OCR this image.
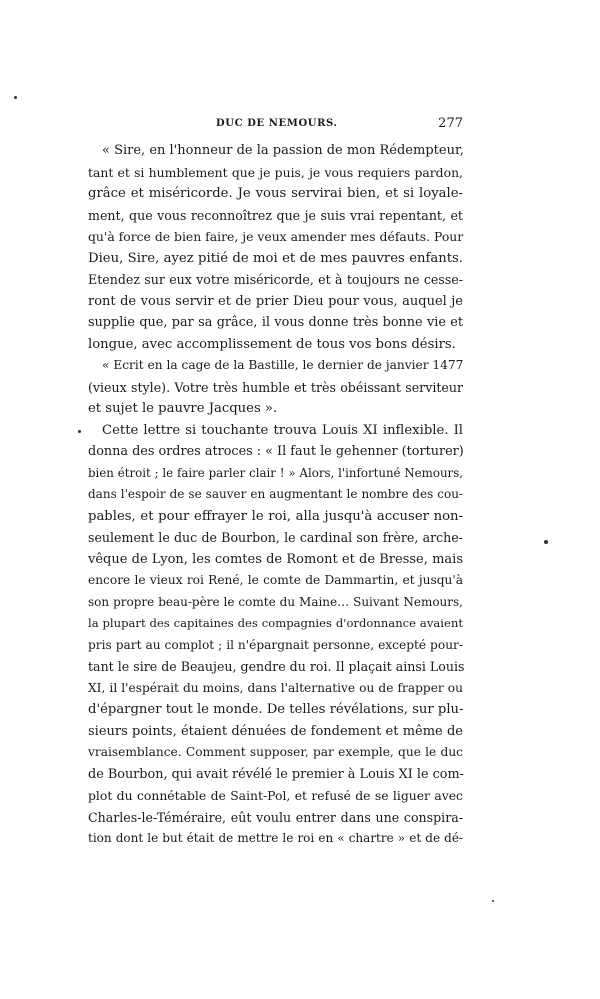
DUC DE NEMOURS.	277
« Sire, en l'honneur de la passion de mon Rédempteur,
tant et si humblement que je puis, je vous requiers pardon,
grâce et miséricorde. Je vous servirai bien, et si loyale-
ment, que vous reconnoîtrez que je suis vrai repentant, et
qu'à force de bien faire, je veux amender mes défauts. Pour
Dieu, Sire, ayez pitié de moi et de mes pauvres enfants.
Etendez sur eux votre miséricorde, et à toujours ne cesse-
ront de vous servir et de prier Dieu pour vous, auquel je
supplie que, par sa grâce, il vous donne très bonne vie et
longue, avec accomplissement de tous vos bons désirs.
« Ecrit en la cage de la Bastille, le dernier de janvier 1477
(vieux style). Votre très humble et très obéissant serviteur
et sujet le pauvre Jacques ».
Cette lettre si touchante trouva Louis XI inflexible. Il
donna des ordres atroces : « Il faut le gehenner (torturer)
bien étroit ; le faire parler clair ! » Alors, l'infortuné Nemours,
dans l'espoir de se sauver en augmentant le nombre des cou-
pables, et pour effrayer le roi, alla jusqu'à accuser non-
seulement le duc de Bourbon, le cardinal son frère, arche-
vêque de Lyon, les comtes de Romont et de Bresse, mais
encore le vieux roi René, le comte de Dammartin, et jusqu'à
son propre beau-père le comte du Maine… Suivant Nemours,
la plupart des capitaines des compagnies d'ordonnance avaient
pris part au complot ; il n'épargnait personne, excepté pour-
tant le sire de Beaujeu, gendre du roi. Il plaçait ainsi Louis
XI, il l'espérait du moins, dans l'alternative ou de frapper ou
d'épargner tout le monde. De telles révélations, sur plu-
sieurs points, étaient dénuées de fondement et même de
vraisemblance. Comment supposer, par exemple, que le duc
de Bourbon, qui avait révélé le premier à Louis XI le com-
plot du connétable de Saint-Pol, et refusé de se liguer avec
Charles-le-Téméraire, eût voulu entrer dans une conspira-
tion dont le but était de mettre le roi en « chartre » et de dé-
